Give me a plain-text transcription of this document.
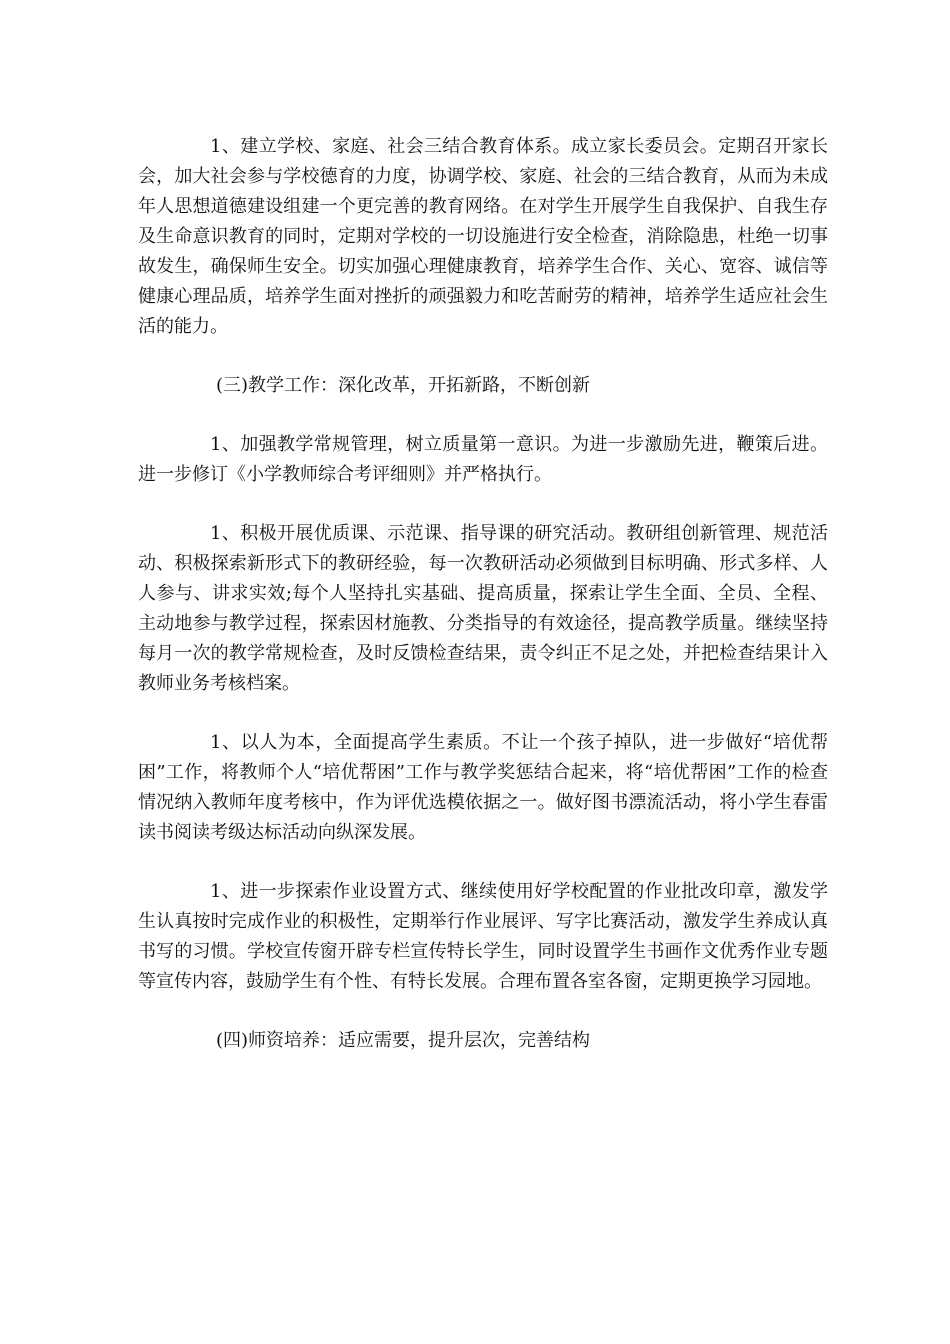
1、建立学校、家庭、社会三结合教育体系。成立家长委员会。定期召开家长会，加大社会参与学校德育的力度，协调学校、家庭、社会的三结合教育，从而为未成年人思想道德建设组建一个更完善的教育网络。在对学生开展学生自我保护、自我生存及生命意识教育的同时，定期对学校的一切设施进行安全检查，消除隐患，杜绝一切事故发生，确保师生安全。切实加强心理健康教育，培养学生合作、关心、宽容、诚信等健康心理品质，培养学生面对挫折的顽强毅力和吃苦耐劳的精神，培养学生适应社会生活的能力。

(三)教学工作：深化改革，开拓新路，不断创新

1、加强教学常规管理，树立质量第一意识。为进一步激励先进，鞭策后进。进一步修订《小学教师综合考评细则》并严格执行。

1、积极开展优质课、示范课、指导课的研究活动。教研组创新管理、规范活动、积极探索新形式下的教研经验，每一次教研活动必须做到目标明确、形式多样、人人参与、讲求实效;每个人坚持扎实基础、提高质量，探索让学生全面、全员、全程、主动地参与教学过程，探索因材施教、分类指导的有效途径，提高教学质量。继续坚持每月一次的教学常规检查，及时反馈检查结果，责令纠正不足之处，并把检查结果计入教师业务考核档案。

1、以人为本，全面提高学生素质。不让一个孩子掉队，进一步做好“培优帮困”工作，将教师个人“培优帮困”工作与教学奖惩结合起来，将“培优帮困”工作的检查情况纳入教师年度考核中，作为评优选模依据之一。做好图书漂流活动，将小学生春雷读书阅读考级达标活动向纵深发展。

1、进一步探索作业设置方式、继续使用好学校配置的作业批改印章，激发学生认真按时完成作业的积极性，定期举行作业展评、写字比赛活动，激发学生养成认真书写的习惯。学校宣传窗开辟专栏宣传特长学生，同时设置学生书画作文优秀作业专题等宣传内容，鼓励学生有个性、有特长发展。合理布置各室各窗，定期更换学习园地。

(四)师资培养：适应需要，提升层次，完善结构
